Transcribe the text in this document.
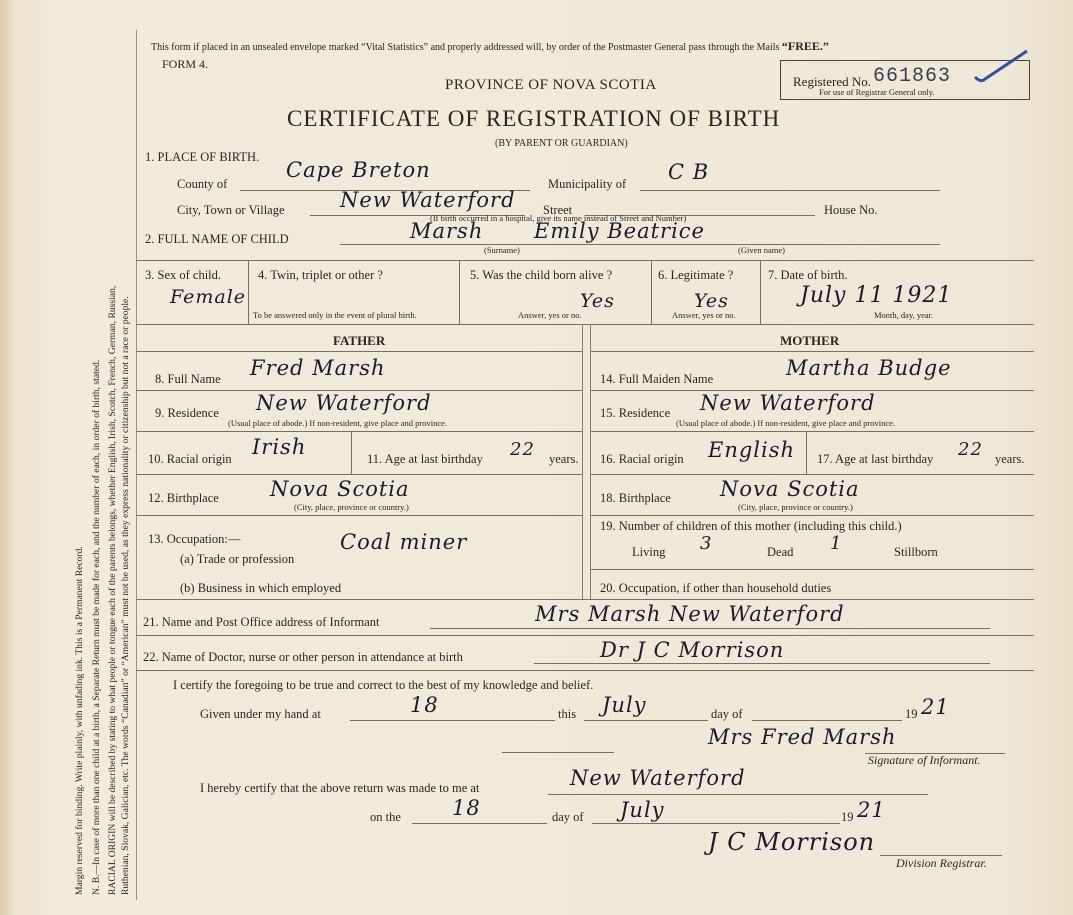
Margin reserved for binding. Write plainly, with unfading ink. This is a Permanent Record. N. B.—In case of more than one child at a birth, a Separate Return must be made for each, and the number of each, in order of birth, stated. RACIAL ORIGIN will be described by stating to what people or tongue each of the parents belongs, whether English, Irish, Scotch, French, German, Russian, Ruthenian, Slovak, Galician, etc. The words “Canadian” or “American” must not be used, as they express nationality or citizenship but not a race or people.
This form if placed in an unsealed envelope marked “Vital Statistics” and properly addressed will, by order of the Postmaster General pass through the Mails “FREE.”
FORM 4.
Registered No. 661863
For use of Registrar General only.
PROVINCE OF NOVA SCOTIA
CERTIFICATE OF REGISTRATION OF BIRTH
(BY PARENT OR GUARDIAN)
1. PLACE OF BIRTH.
County of
Cape Breton
Municipality of C B
City, Town or Village	New Waterford Street	House No.
(If birth occurred in a hospital, give its name instead of Street and Number)
2. FULL NAME OF CHILD	Marsh Emily Beatrice
(Surname)	(Given name)
3. Sex of child.
Female
4. Twin, triplet or other ?
To be answered only in the event of plural birth.
5. Was the child born alive ?
Yes
Answer, yes or no.
6. Legitimate ?
Yes
Answer, yes or no.
7. Date of birth.
July 11 1921
Month, day, year.
FATHER	MOTHER
8. Full Name Fred Marsh
9. Residence New Waterford
(Usual place of abode.) If non-resident, give place and province.
10. Racial origin Irish	11. Age at last birthday 22 years.
12. Birthplace Nova Scotia
(City, place, province or country.)
13. Occupation:—
(a) Trade or profession
Coal miner
(b) Business in which employed
14. Full Maiden Name	Martha Budge
15. Residence New Waterford
(Usual place of abode.) If non-resident, give place and province.
16. Racial origin English 17. Age at last birthday 22 years.
18. Birthplace Nova Scotia
(City, place, province or country.)
19. Number of children of this mother (including this child.)
Living 3	Dead 1	Stillborn
20. Occupation, if other than household duties
21. Name and Post Office address of Informant	Mrs Marsh New Waterford
22. Name of Doctor, nurse or other person in attendance at birth	Dr J C Morrison
I certify the foregoing to be true and correct to the best of my knowledge and belief.
Given under my hand at	18	this July	day of	19 21
Mrs Fred Marsh
Signature of Informant.
I hereby certify that the above return was made to me at	New Waterford
on the 18	day of July	19 21
J C Morrison
Division Registrar.
